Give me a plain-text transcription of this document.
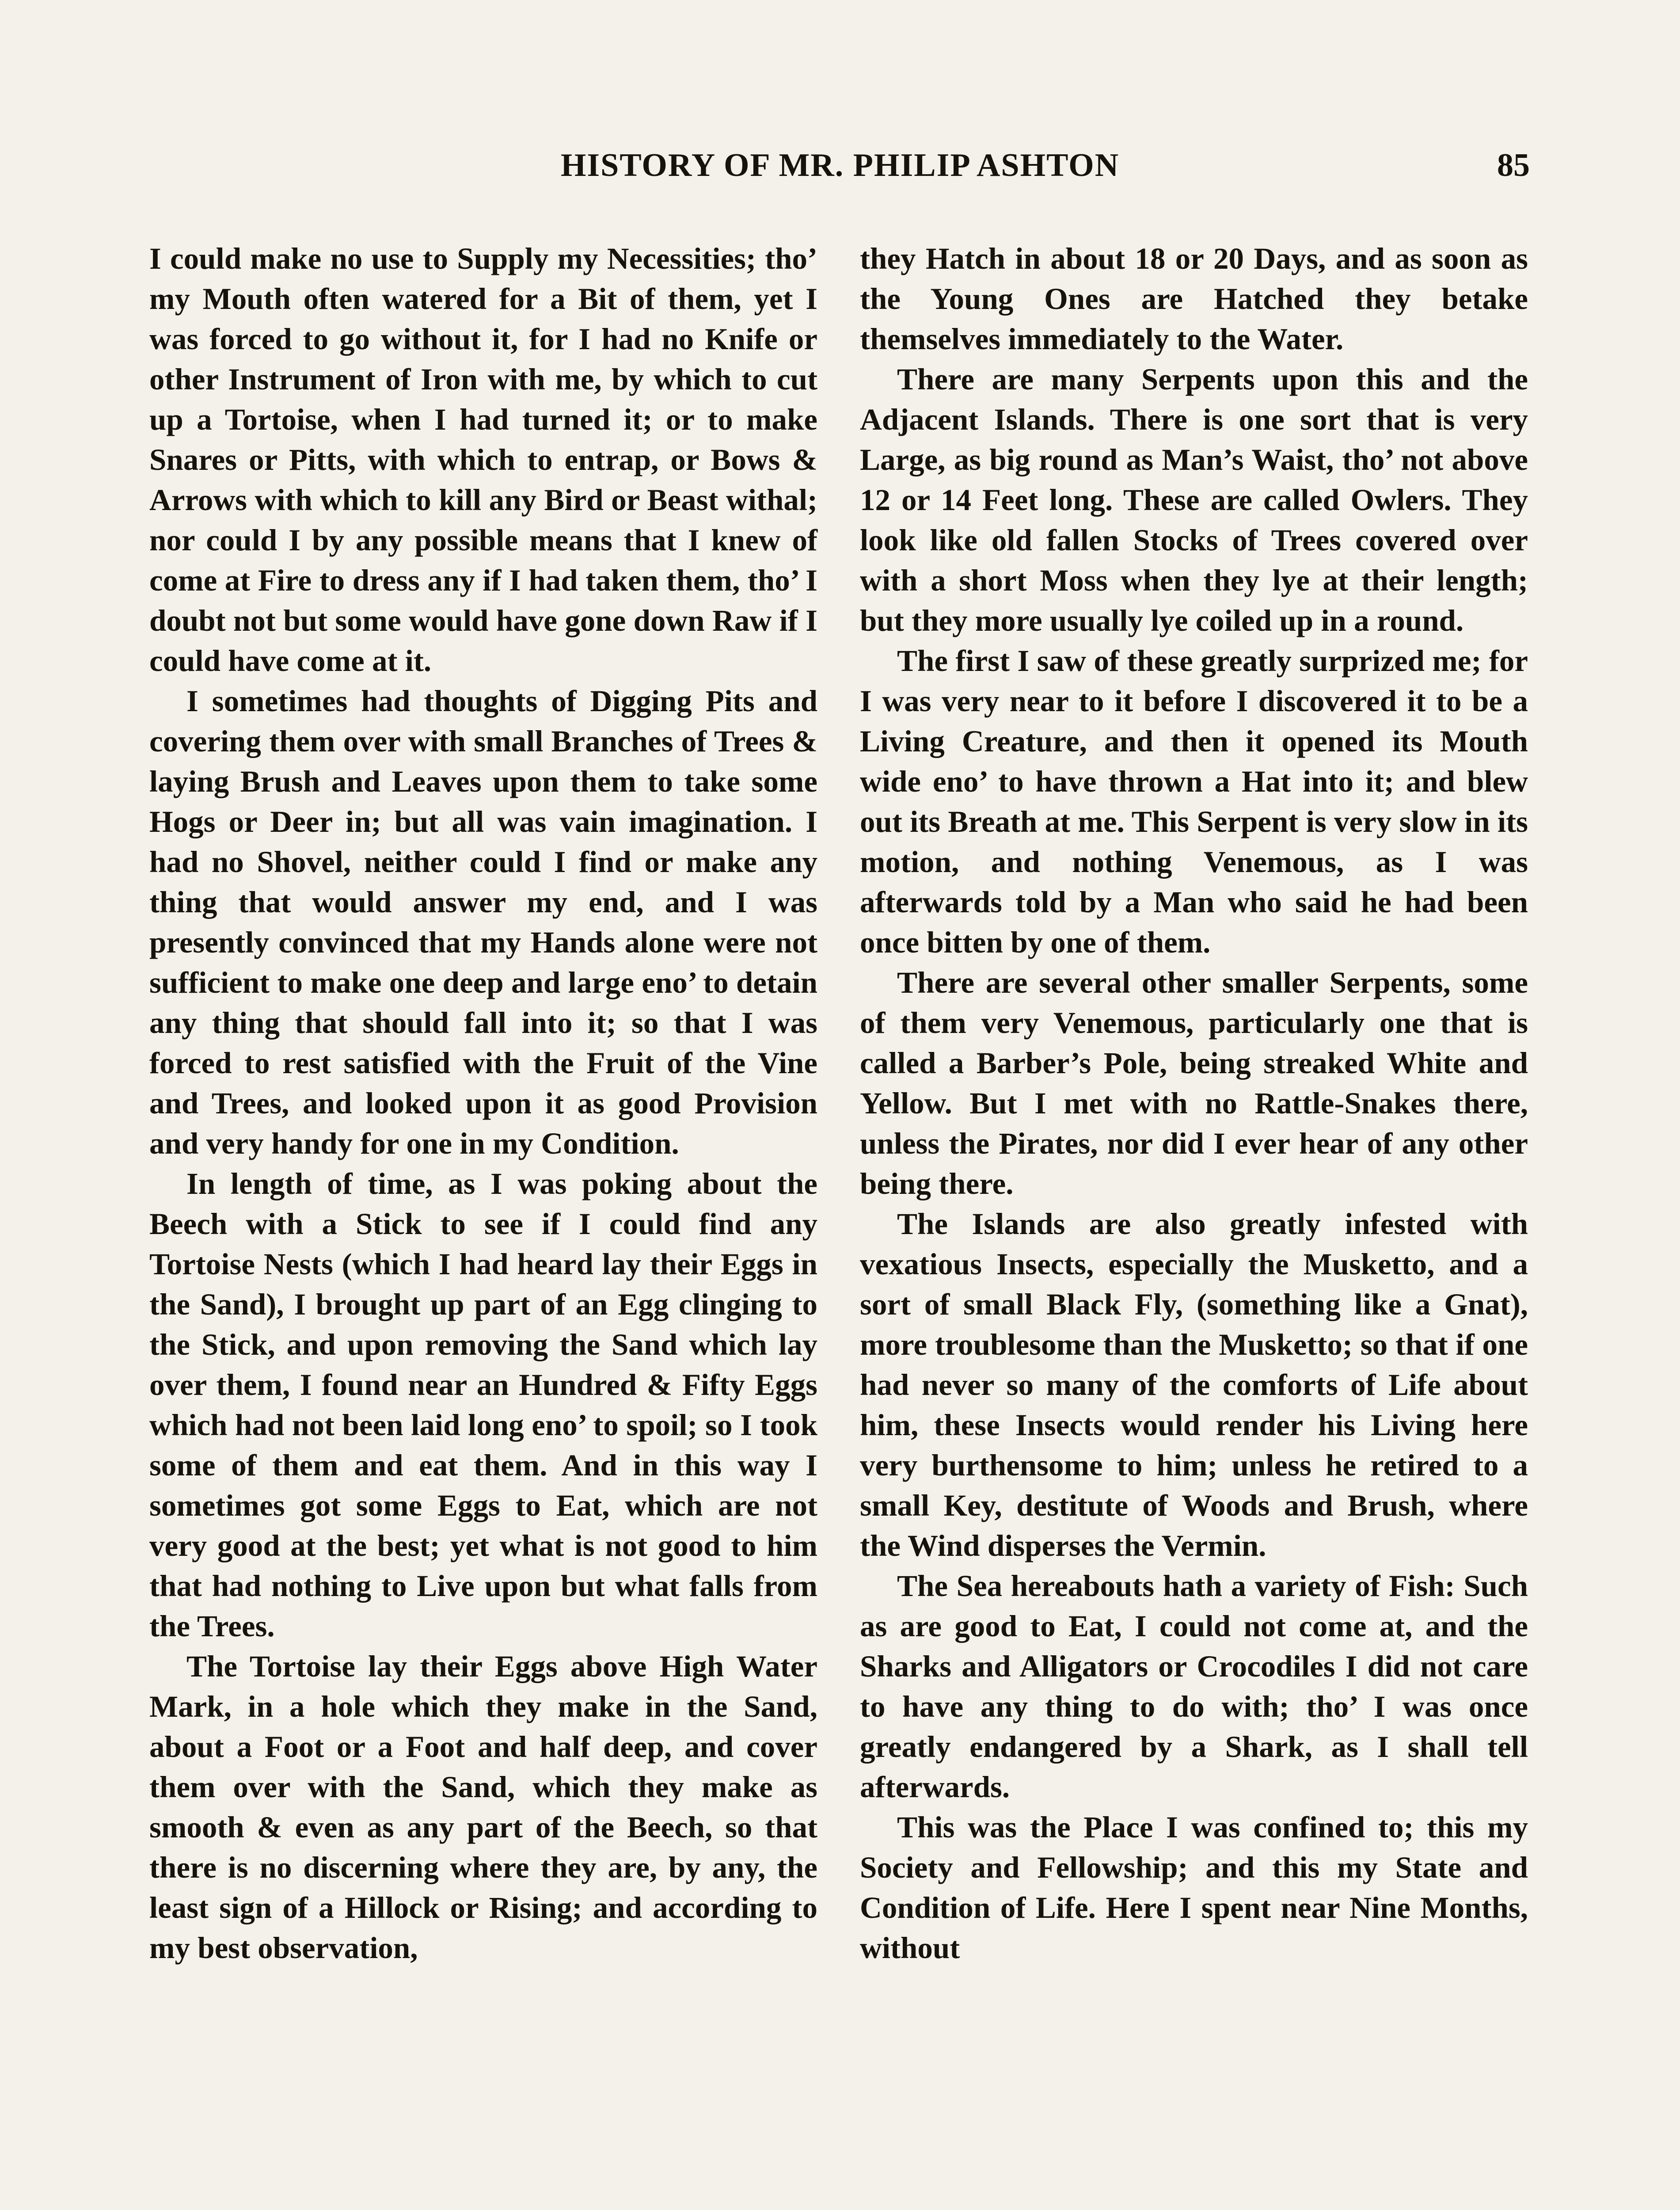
HISTORY OF MR. PHILIP ASHTON	85

I could make no use to Supply my Necessities; tho’ my Mouth often watered for a Bit of them, yet I was forced to go without it, for I had no Knife or other Instrument of Iron with me, by which to cut up a Tortoise, when I had turned it; or to make Snares or Pitts, with which to entrap, or Bows & Arrows with which to kill any Bird or Beast withal; nor could I by any possible means that I knew of come at Fire to dress any if I had taken them, tho’ I doubt not but some would have gone down Raw if I could have come at it.

I sometimes had thoughts of Digging Pits and covering them over with small Branches of Trees & laying Brush and Leaves upon them to take some Hogs or Deer in; but all was vain imagination. I had no Shovel, neither could I find or make any thing that would answer my end, and I was presently convinced that my Hands alone were not sufficient to make one deep and large eno’ to detain any thing that should fall into it; so that I was forced to rest satisfied with the Fruit of the Vine and Trees, and looked upon it as good Provision and very handy for one in my Condition.

In length of time, as I was poking about the Beech with a Stick to see if I could find any Tortoise Nests (which I had heard lay their Eggs in the Sand), I brought up part of an Egg clinging to the Stick, and upon removing the Sand which lay over them, I found near an Hundred & Fifty Eggs which had not been laid long eno’ to spoil; so I took some of them and eat them. And in this way I sometimes got some Eggs to Eat, which are not very good at the best; yet what is not good to him that had nothing to Live upon but what falls from the Trees.

The Tortoise lay their Eggs above High Water Mark, in a hole which they make in the Sand, about a Foot or a Foot and half deep, and cover them over with the Sand, which they make as smooth & even as any part of the Beech, so that there is no discerning where they are, by any, the least sign of a Hillock or Rising; and according to my best observation,

they Hatch in about 18 or 20 Days, and as soon as the Young Ones are Hatched they betake themselves immediately to the Water.

There are many Serpents upon this and the Adjacent Islands. There is one sort that is very Large, as big round as Man’s Waist, tho’ not above 12 or 14 Feet long. These are called Owlers. They look like old fallen Stocks of Trees covered over with a short Moss when they lye at their length; but they more usually lye coiled up in a round.

The first I saw of these greatly surprized me; for I was very near to it before I discovered it to be a Living Creature, and then it opened its Mouth wide eno’ to have thrown a Hat into it; and blew out its Breath at me. This Serpent is very slow in its motion, and nothing Venemous, as I was afterwards told by a Man who said he had been once bitten by one of them.

There are several other smaller Serpents, some of them very Venemous, particularly one that is called a Barber’s Pole, being streaked White and Yellow. But I met with no Rattle-Snakes there, unless the Pirates, nor did I ever hear of any other being there.

The Islands are also greatly infested with vexatious Insects, especially the Musketto, and a sort of small Black Fly, (something like a Gnat), more troublesome than the Musketto; so that if one had never so many of the comforts of Life about him, these Insects would render his Living here very burthensome to him; unless he retired to a small Key, destitute of Woods and Brush, where the Wind disperses the Vermin.

The Sea hereabouts hath a variety of Fish: Such as are good to Eat, I could not come at, and the Sharks and Alligators or Crocodiles I did not care to have any thing to do with; tho’ I was once greatly endangered by a Shark, as I shall tell afterwards.

This was the Place I was confined to; this my Society and Fellowship; and this my State and Condition of Life. Here I spent near Nine Months, without
